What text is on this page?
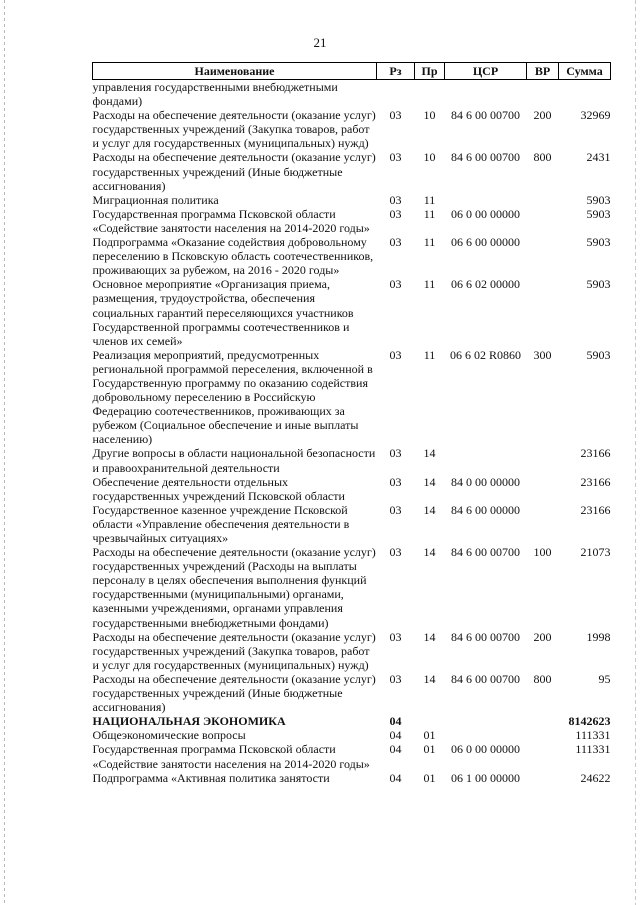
21
Наименование	Рз	Пр	ЦСР	ВР	Сумма
управления государственными внебюджетными фондами)					
Расходы на обеспечение деятельности (оказание услуг) государственных учреждений (Закупка товаров, работ и услуг для государственных (муниципальных) нужд)	03	10	84 6 00 00700	200	32969
Расходы на обеспечение деятельности (оказание услуг) государственных учреждений (Иные бюджетные ассигнования)	03	10	84 6 00 00700	800	2431
Миграционная политика	03	11			5903
Государственная программа Псковской области «Содействие занятости населения на 2014-2020 годы»	03	11	06 0 00 00000		5903
Подпрограмма «Оказание содействия добровольному переселению в Псковскую область соотечественников, проживающих за рубежом, на 2016 - 2020 годы»	03	11	06 6 00 00000		5903
Основное мероприятие «Организация приема, размещения, трудоустройства, обеспечения социальных гарантий переселяющихся участников Государственной программы соотечественников и членов их семей»	03	11	06 6 02 00000		5903
Реализация мероприятий, предусмотренных региональной программой переселения, включенной в Государственную программу по оказанию содействия добровольному переселению в Российскую Федерацию соотечественников, проживающих за рубежом (Социальное обеспечение и иные выплаты населению)	03	11	06 6 02 R0860	300	5903
Другие вопросы в области национальной безопасности и правоохранительной деятельности	03	14			23166
Обеспечение деятельности отдельных государственных учреждений Псковской области	03	14	84 0 00 00000		23166
Государственное казенное учреждение Псковской области «Управление обеспечения деятельности в чрезвычайных ситуациях»	03	14	84 6 00 00000		23166
Расходы на обеспечение деятельности (оказание услуг) государственных учреждений (Расходы на выплаты персоналу в целях обеспечения выполнения функций государственными (муниципальными) органами, казенными учреждениями, органами управления государственными внебюджетными фондами)	03	14	84 6 00 00700	100	21073
Расходы на обеспечение деятельности (оказание услуг) государственных учреждений (Закупка товаров, работ и услуг для государственных (муниципальных) нужд)	03	14	84 6 00 00700	200	1998
Расходы на обеспечение деятельности (оказание услуг) государственных учреждений (Иные бюджетные ассигнования)	03	14	84 6 00 00700	800	95
НАЦИОНАЛЬНАЯ ЭКОНОМИКА	04				8142623
Общеэкономические вопросы	04	01			111331
Государственная программа Псковской области «Содействие занятости населения на 2014-2020 годы»	04	01	06 0 00 00000		111331
Подпрограмма «Активная политика занятости	04	01	06 1 00 00000		24622
